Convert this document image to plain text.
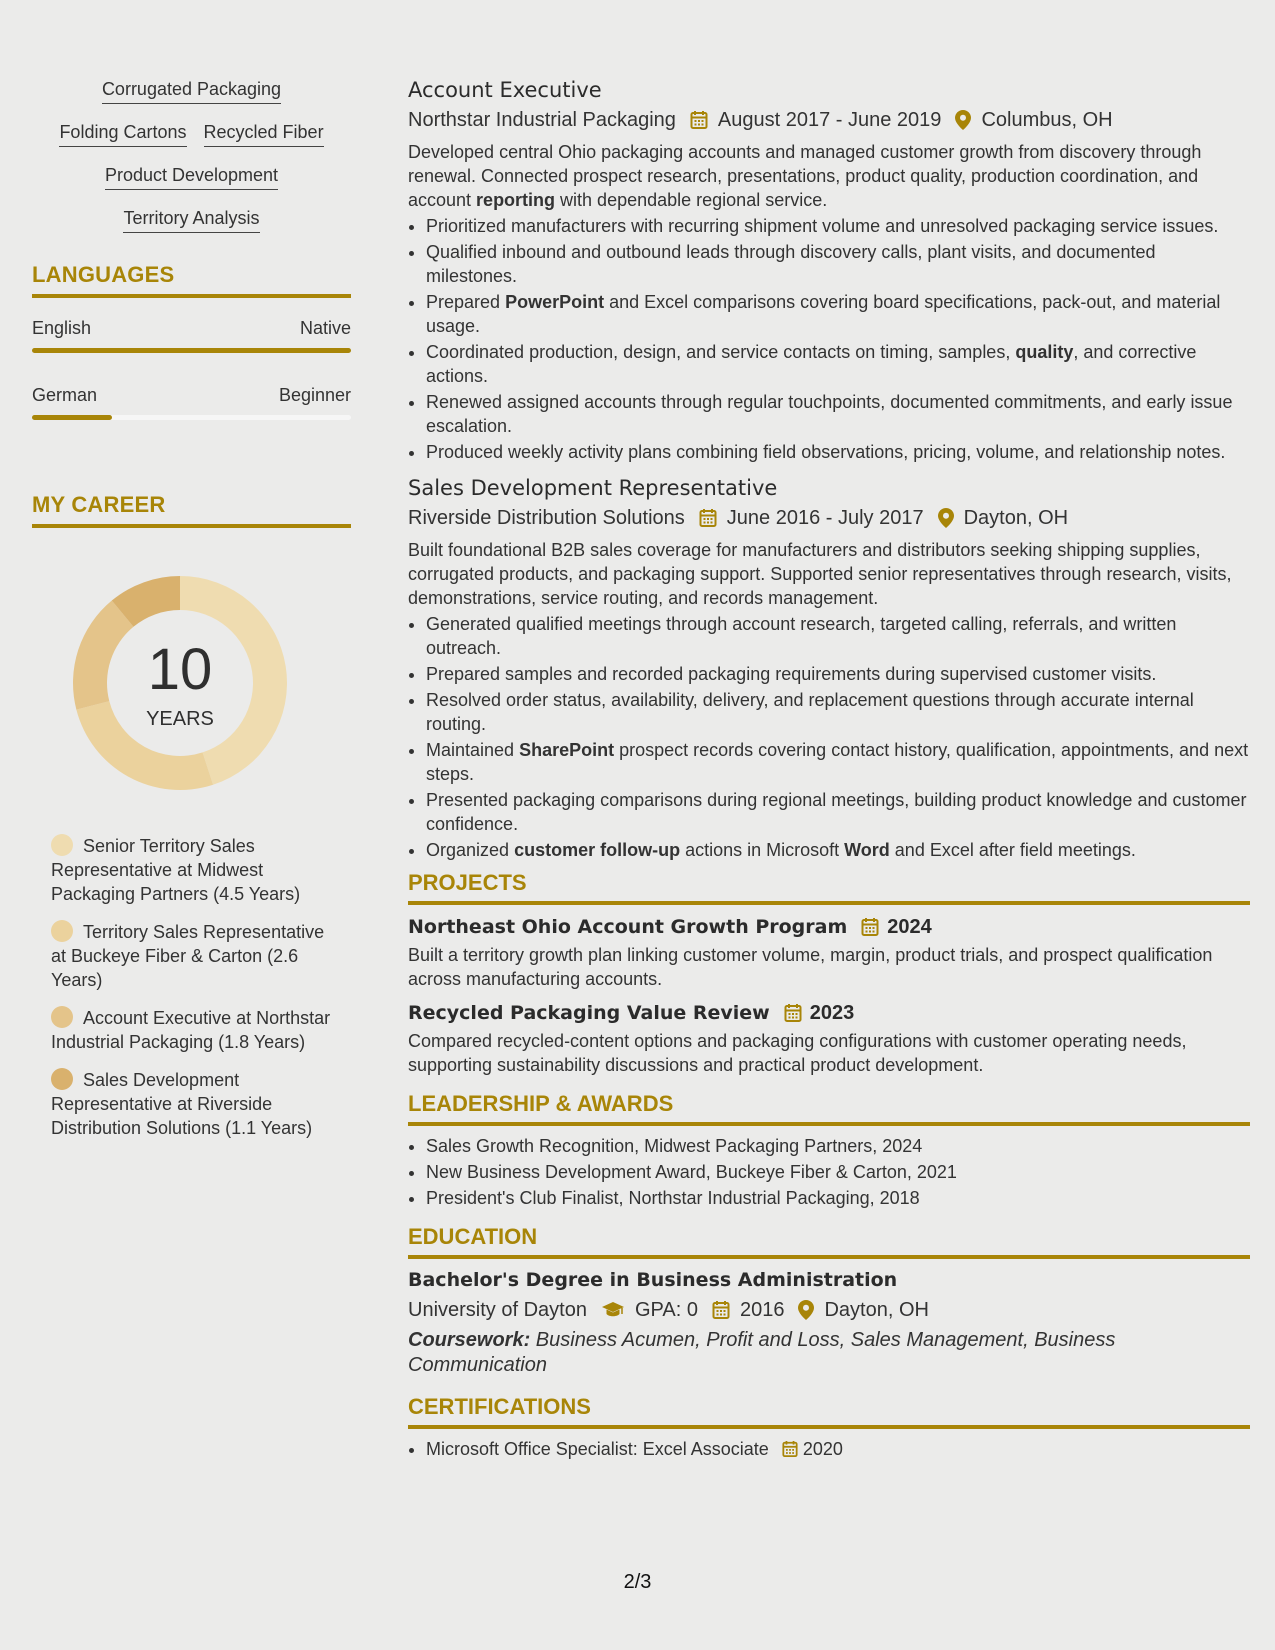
Corrugated Packaging
Folding Cartons Recycled Fiber
Product Development
Territory Analysis
LANGUAGES
English	Native
German	Beginner
MY CAREER
10
YEARS
Senior Territory Sales Representative at Midwest Packaging Partners (4.5 Years)
Territory Sales Representative at Buckeye Fiber & Carton (2.6 Years)
Account Executive at Northstar Industrial Packaging (1.8 Years)
Sales Development Representative at Riverside Distribution Solutions (1.1 Years)
Account Executive
Northstar Industrial Packaging August 2017 - June 2019 Columbus, OH
Developed central Ohio packaging accounts and managed customer growth from discovery through renewal. Connected prospect research, presentations, product quality, production coordination, and account reporting with dependable regional service.
• Prioritized manufacturers with recurring shipment volume and unresolved packaging service issues.
• Qualified inbound and outbound leads through discovery calls, plant visits, and documented milestones.
• Prepared PowerPoint and Excel comparisons covering board specifications, pack-out, and material usage.
• Coordinated production, design, and service contacts on timing, samples, quality, and corrective actions.
• Renewed assigned accounts through regular touchpoints, documented commitments, and early issue escalation.
• Produced weekly activity plans combining field observations, pricing, volume, and relationship notes.
Sales Development Representative
Riverside Distribution Solutions June 2016 - July 2017 Dayton, OH
Built foundational B2B sales coverage for manufacturers and distributors seeking shipping supplies, corrugated products, and packaging support. Supported senior representatives through research, visits, demonstrations, service routing, and records management.
• Generated qualified meetings through account research, targeted calling, referrals, and written outreach.
• Prepared samples and recorded packaging requirements during supervised customer visits.
• Resolved order status, availability, delivery, and replacement questions through accurate internal routing.
• Maintained SharePoint prospect records covering contact history, qualification, appointments, and next steps.
• Presented packaging comparisons during regional meetings, building product knowledge and customer confidence.
• Organized customer follow-up actions in Microsoft Word and Excel after field meetings.
PROJECTS
Northeast Ohio Account Growth Program 2024
Built a territory growth plan linking customer volume, margin, product trials, and prospect qualification across manufacturing accounts.
Recycled Packaging Value Review 2023
Compared recycled-content options and packaging configurations with customer operating needs, supporting sustainability discussions and practical product development.
LEADERSHIP & AWARDS
• Sales Growth Recognition, Midwest Packaging Partners, 2024
• New Business Development Award, Buckeye Fiber & Carton, 2021
• President's Club Finalist, Northstar Industrial Packaging, 2018
EDUCATION
Bachelor's Degree in Business Administration
University of Dayton GPA: 0 2016 Dayton, OH
Coursework: Business Acumen, Profit and Loss, Sales Management, Business Communication
CERTIFICATIONS
• Microsoft Office Specialist: Excel Associate 2020
2/3
